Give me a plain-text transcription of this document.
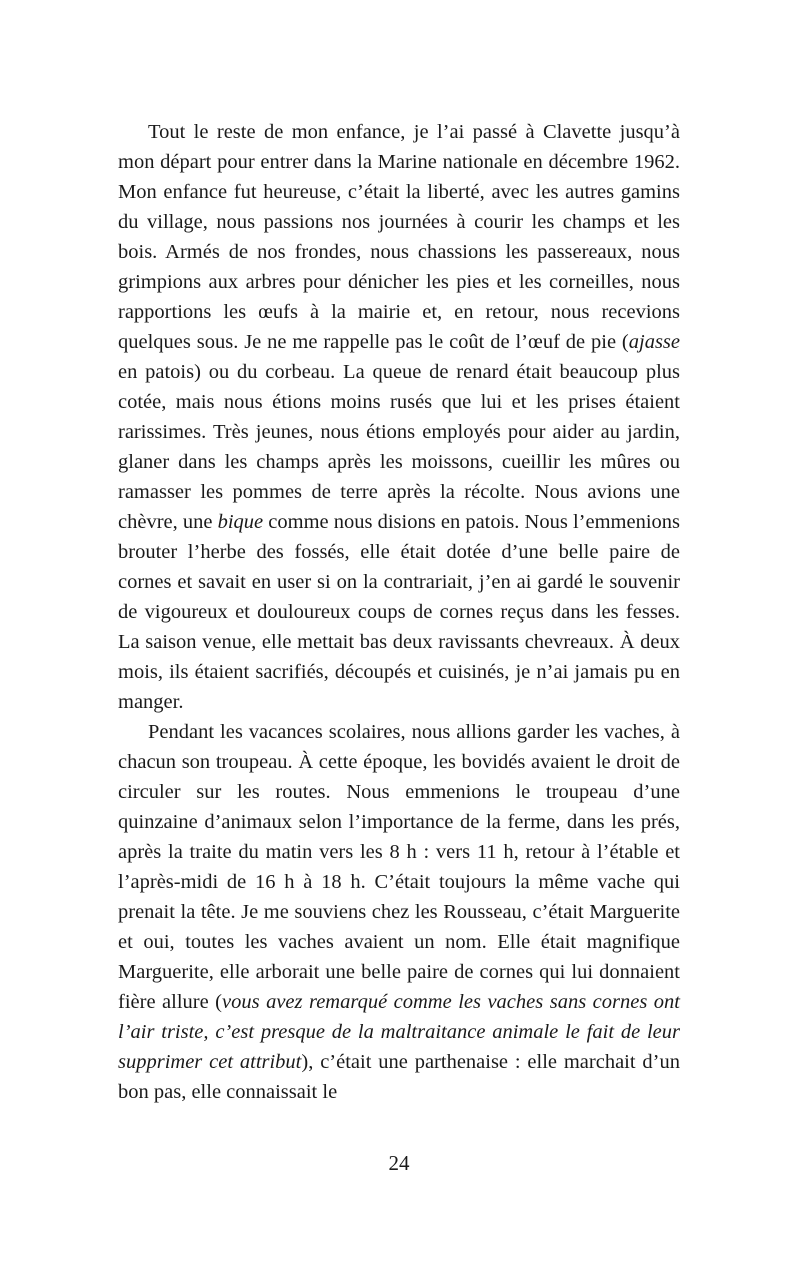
Tout le reste de mon enfance, je l’ai passé à Clavette jusqu’à mon départ pour entrer dans la Marine nationale en décembre 1962. Mon enfance fut heureuse, c’était la liberté, avec les autres gamins du village, nous passions nos journées à courir les champs et les bois. Armés de nos frondes, nous chassions les passereaux, nous grimpions aux arbres pour dénicher les pies et les corneilles, nous rapportions les œufs à la mairie et, en retour, nous recevions quelques sous. Je ne me rappelle pas le coût de l’œuf de pie (ajasse en patois) ou du corbeau. La queue de renard était beaucoup plus cotée, mais nous étions moins rusés que lui et les prises étaient rarissimes. Très jeunes, nous étions employés pour aider au jardin, glaner dans les champs après les moissons, cueillir les mûres ou ramasser les pommes de terre après la récolte. Nous avions une chèvre, une bique comme nous disions en patois. Nous l’emmenions brouter l’herbe des fossés, elle était dotée d’une belle paire de cornes et savait en user si on la contrariait, j’en ai gardé le souvenir de vigoureux et douloureux coups de cornes reçus dans les fesses. La saison venue, elle mettait bas deux ravissants chevreaux. À deux mois, ils étaient sacrifiés, découpés et cuisinés, je n’ai jamais pu en manger.

Pendant les vacances scolaires, nous allions garder les vaches, à chacun son troupeau. À cette époque, les bovidés avaient le droit de circuler sur les routes. Nous emmenions le troupeau d’une quinzaine d’animaux selon l’importance de la ferme, dans les prés, après la traite du matin vers les 8 h : vers 11 h, retour à l’étable et l’après-midi de 16 h à 18 h. C’était toujours la même vache qui prenait la tête. Je me souviens chez les Rousseau, c’était Marguerite et oui, toutes les vaches avaient un nom. Elle était magnifique Marguerite, elle arborait une belle paire de cornes qui lui donnaient fière allure (vous avez remarqué comme les vaches sans cornes ont l’air triste, c’est presque de la maltraitance animale le fait de leur supprimer cet attribut), c’était une parthenaise : elle marchait d’un bon pas, elle connaissait le

24
